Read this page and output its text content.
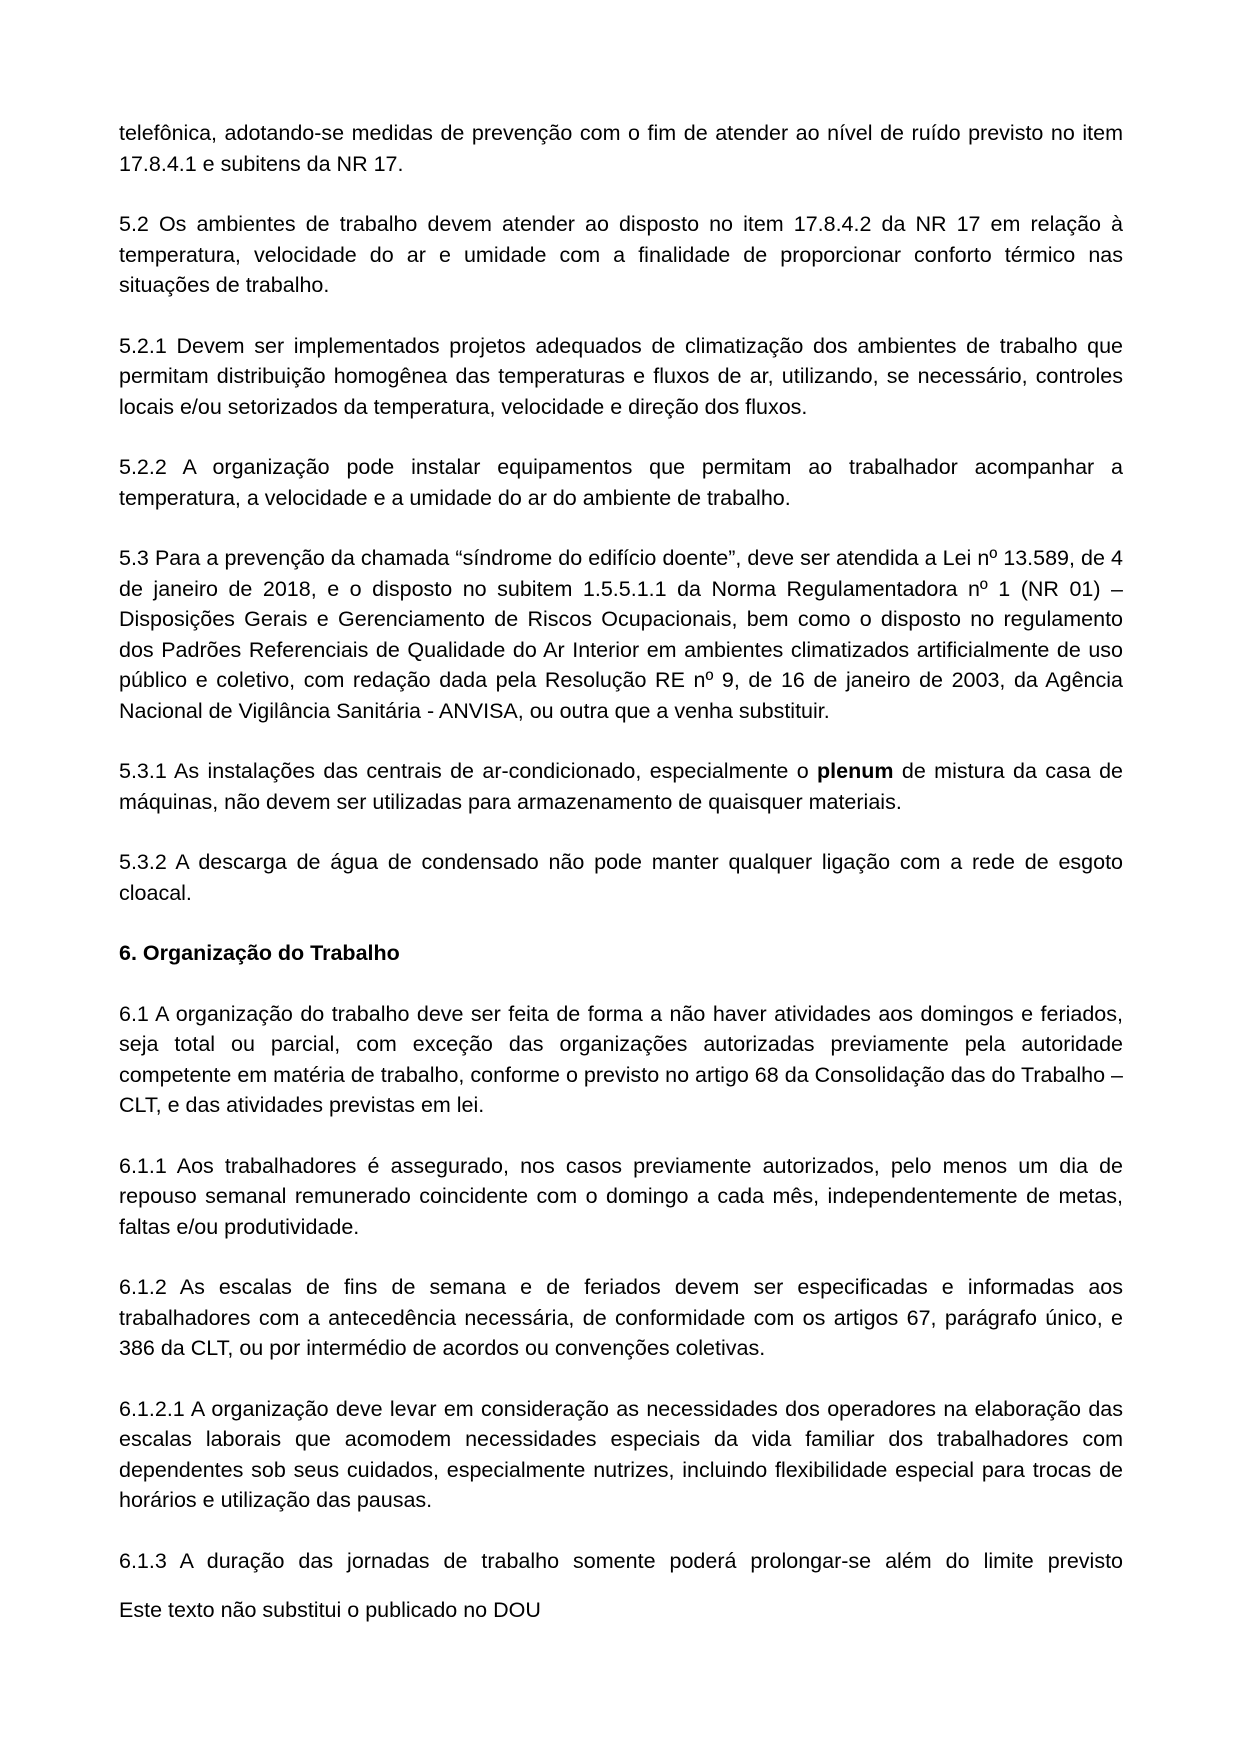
telefônica, adotando-se medidas de prevenção com o fim de atender ao nível de ruído previsto no item 17.8.4.1 e subitens da NR 17.

5.2 Os ambientes de trabalho devem atender ao disposto no item 17.8.4.2 da NR 17 em relação à temperatura, velocidade do ar e umidade com a finalidade de proporcionar conforto térmico nas situações de trabalho.

5.2.1 Devem ser implementados projetos adequados de climatização dos ambientes de trabalho que permitam distribuição homogênea das temperaturas e fluxos de ar, utilizando, se necessário, controles locais e/ou setorizados da temperatura, velocidade e direção dos fluxos.

5.2.2 A organização pode instalar equipamentos que permitam ao trabalhador acompanhar a temperatura, a velocidade e a umidade do ar do ambiente de trabalho.

5.3 Para a prevenção da chamada “síndrome do edifício doente”, deve ser atendida a Lei nº 13.589, de 4 de janeiro de 2018, e o disposto no subitem 1.5.5.1.1 da Norma Regulamentadora nº 1 (NR 01) – Disposições Gerais e Gerenciamento de Riscos Ocupacionais, bem como o disposto no regulamento dos Padrões Referenciais de Qualidade do Ar Interior em ambientes climatizados artificialmente de uso público e coletivo, com redação dada pela Resolução RE nº 9, de 16 de janeiro de 2003, da Agência Nacional de Vigilância Sanitária - ANVISA, ou outra que a venha substituir.

5.3.1 As instalações das centrais de ar-condicionado, especialmente o plenum de mistura da casa de máquinas, não devem ser utilizadas para armazenamento de quaisquer materiais.

5.3.2 A descarga de água de condensado não pode manter qualquer ligação com a rede de esgoto cloacal.

6. Organização do Trabalho

6.1 A organização do trabalho deve ser feita de forma a não haver atividades aos domingos e feriados, seja total ou parcial, com exceção das organizações autorizadas previamente pela autoridade competente em matéria de trabalho, conforme o previsto no artigo 68 da Consolidação das do Trabalho – CLT, e das atividades previstas em lei.

6.1.1 Aos trabalhadores é assegurado, nos casos previamente autorizados, pelo menos um dia de repouso semanal remunerado coincidente com o domingo a cada mês, independentemente de metas, faltas e/ou produtividade.

6.1.2 As escalas de fins de semana e de feriados devem ser especificadas e informadas aos trabalhadores com a antecedência necessária, de conformidade com os artigos 67, parágrafo único, e 386 da CLT, ou por intermédio de acordos ou convenções coletivas.

6.1.2.1 A organização deve levar em consideração as necessidades dos operadores na elaboração das escalas laborais que acomodem necessidades especiais da vida familiar dos trabalhadores com dependentes sob seus cuidados, especialmente nutrizes, incluindo flexibilidade especial para trocas de horários e utilização das pausas.

6.1.3 A duração das jornadas de trabalho somente poderá prolongar-se além do limite previsto

Este texto não substitui o publicado no DOU
